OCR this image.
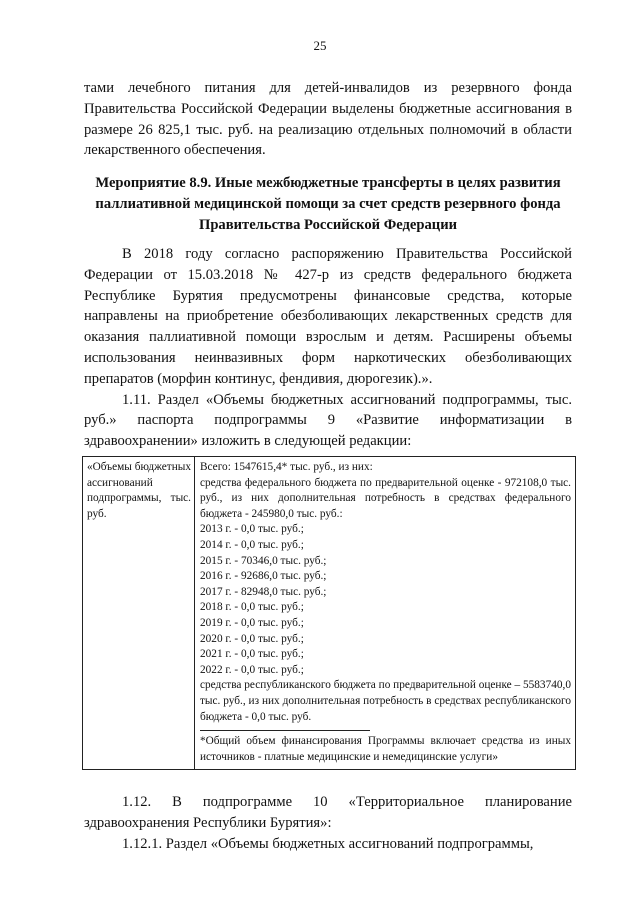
25

тами лечебного питания для детей-инвалидов из резервного фонда Правительства Российской Федерации выделены бюджетные ассигнования в размере 26 825,1 тыс. руб. на реализацию отдельных полномочий в области лекарственного обеспечения.

Мероприятие 8.9. Иные межбюджетные трансферты в целях развития паллиативной медицинской помощи за счет средств резервного фонда Правительства Российской Федерации

В 2018 году согласно распоряжению Правительства Российской Федерации от 15.03.2018 № 427-р из средств федерального бюджета Республике Бурятия предусмотрены финансовые средства, которые направлены на приобретение обезболивающих лекарственных средств для оказания паллиативной помощи взрослым и детям. Расширены объемы использования неинвазивных форм наркотических обезболивающих препаратов (морфин континус, фендивия, дюрогезик).».

1.11. Раздел «Объемы бюджетных ассигнований подпрограммы, тыс. руб.» паспорта подпрограммы 9 «Развитие информатизации в здравоохранении» изложить в следующей редакции:

«Объемы бюджетных ассигнований подпрограммы, тыс. руб.
Всего: 1547615,4* тыс. руб., из них:

средства федерального бюджета по предварительной оценке - 972108,0 тыс. руб., из них дополнительная потребность в средствах федерального бюджета - 245980,0 тыс. руб.:

2013 г. - 0,0 тыс. руб.;
2014 г. - 0,0 тыс. руб.;
2015 г. - 70346,0 тыс. руб.;
2016 г. - 92686,0 тыс. руб.;
2017 г. - 82948,0 тыс. руб.;
2018 г. - 0,0 тыс. руб.;
2019 г. - 0,0 тыс. руб.;
2020 г. - 0,0 тыс. руб.;
2021 г. - 0,0 тыс. руб.;
2022 г. - 0,0 тыс. руб.;

средства республиканского бюджета по предварительной оценке – 5583740,0 тыс. руб., из них дополнительная потребность в средствах республиканского бюджета - 0,0 тыс. руб.

*Общий объем финансирования Программы включает средства из иных источников - платные медицинские и немедицинские услуги»

1.12. В подпрограмме 10 «Территориальное планирование здравоохранения Республики Бурятия»:

1.12.1. Раздел «Объемы бюджетных ассигнований подпрограммы,
